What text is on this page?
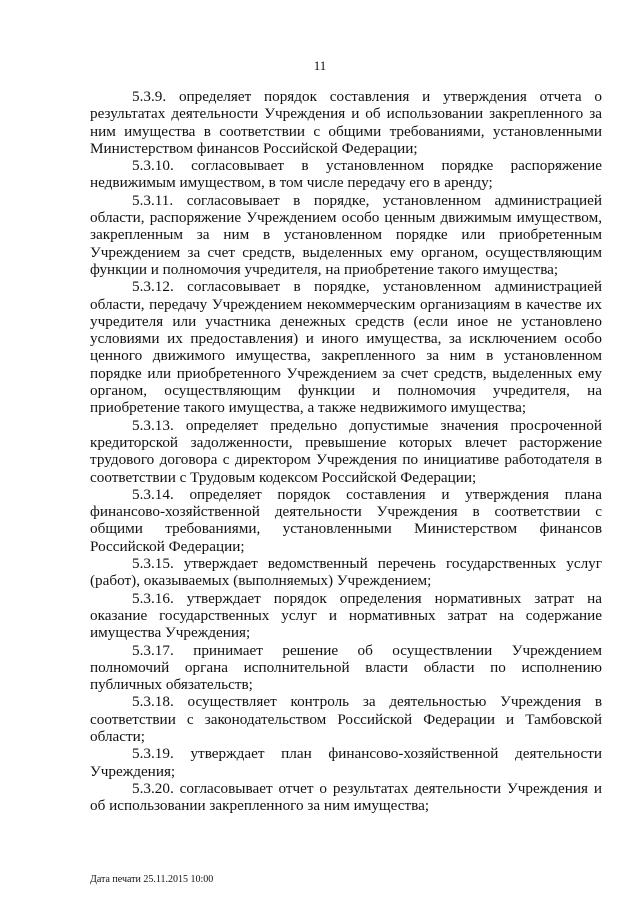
11

5.3.9. определяет порядок составления и утверждения отчета о результатах деятельности Учреждения и об использовании закрепленного за ним имущества в соответствии с общими требованиями, установленными Министерством финансов Российской Федерации;

5.3.10. согласовывает в установленном порядке распоряжение недвижимым имуществом, в том числе передачу его в аренду;

5.3.11. согласовывает в порядке, установленном администрацией области, распоряжение Учреждением особо ценным движимым имуществом, закрепленным за ним в установленном порядке или приобретенным Учреждением за счет средств, выделенных ему органом, осуществляющим функции и полномочия учредителя, на приобретение такого имущества;

5.3.12. согласовывает в порядке, установленном администрацией области, передачу Учреждением некоммерческим организациям в качестве их учредителя или участника денежных средств (если иное не установлено условиями их предоставления) и иного имущества, за исключением особо ценного движимого имущества, закрепленного за ним в установленном порядке или приобретенного Учреждением за счет средств, выделенных ему органом, осуществляющим функции и полномочия учредителя, на приобретение такого имущества, а также недвижимого имущества;

5.3.13. определяет предельно допустимые значения просроченной кредиторской задолженности, превышение которых влечет расторжение трудового договора с директором Учреждения по инициативе работодателя в соответствии с Трудовым кодексом Российской Федерации;

5.3.14. определяет порядок составления и утверждения плана финансово-хозяйственной деятельности Учреждения в соответствии с общими требованиями, установленными Министерством финансов Российской Федерации;

5.3.15. утверждает ведомственный перечень государственных услуг (работ), оказываемых (выполняемых) Учреждением;

5.3.16. утверждает порядок определения нормативных затрат на оказание государственных услуг и нормативных затрат на содержание имущества Учреждения;

5.3.17. принимает решение об осуществлении Учреждением полномочий органа исполнительной власти области по исполнению публичных обязательств;

5.3.18. осуществляет контроль за деятельностью Учреждения в соответствии с законодательством Российской Федерации и Тамбовской области;

5.3.19. утверждает план финансово-хозяйственной деятельности Учреждения;

5.3.20. согласовывает отчет о результатах деятельности Учреждения и об использовании закрепленного за ним имущества;

Дата печати 25.11.2015 10:00
